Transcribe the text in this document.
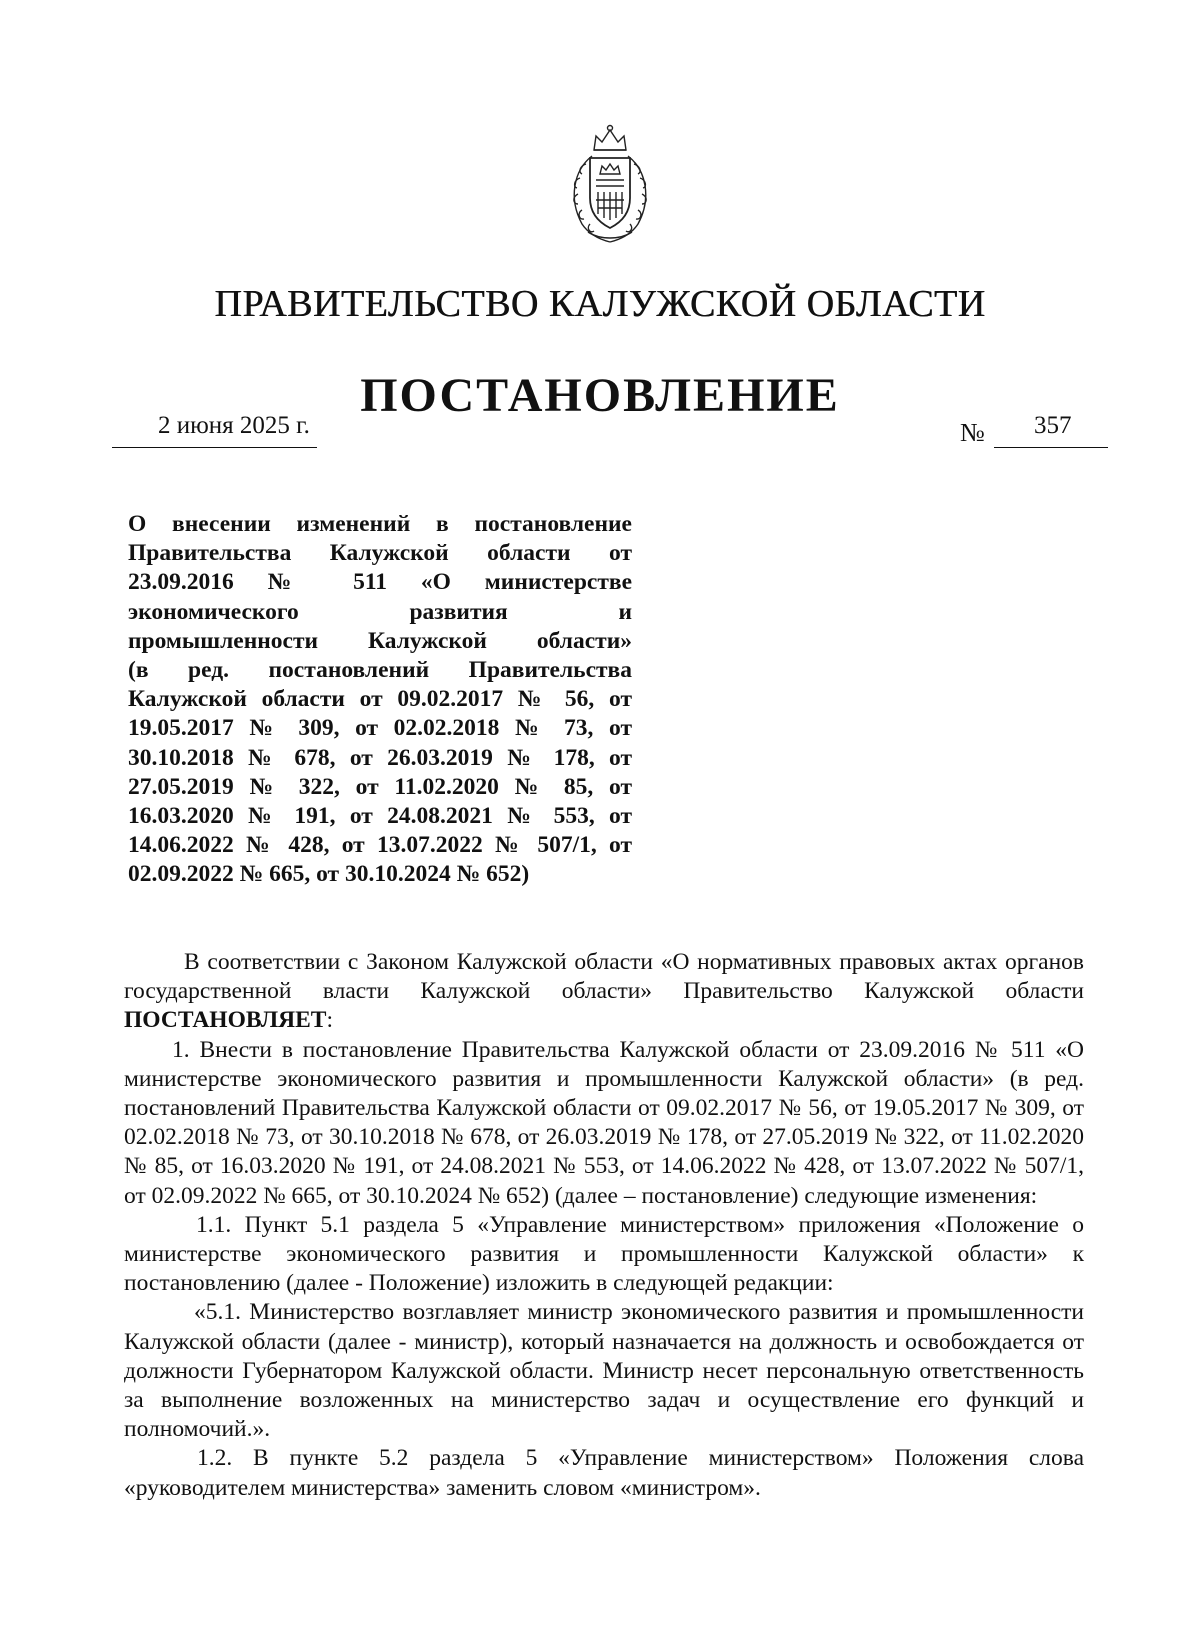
ПРАВИТЕЛЬСТВО КАЛУЖСКОЙ ОБЛАСТИ
ПОСТАНОВЛЕНИЕ
2 июня 2025 г.	№ 357
О внесении изменений в постановление
Правительства Калужской области от
23.09.2016 № 511 «О министерстве
экономического развития и
промышленности Калужской области»
(в ред. постановлений Правительства
Калужской области от 09.02.2017 № 56, от
19.05.2017 № 309, от 02.02.2018 № 73, от
30.10.2018 № 678, от 26.03.2019 № 178, от
27.05.2019 № 322, от 11.02.2020 № 85, от
16.03.2020 № 191, от 24.08.2021 № 553, от
14.06.2022 № 428, от 13.07.2022 № 507/1, от
02.09.2022 № 665, от 30.10.2024 № 652)

В соответствии с Законом Калужской области «О нормативных правовых актах органов государственной власти Калужской области» Правительство Калужской области ПОСТАНОВЛЯЕТ:

1. Внести в постановление Правительства Калужской области от 23.09.2016 № 511 «О министерстве экономического развития и промышленности Калужской области» (в ред. постановлений Правительства Калужской области от 09.02.2017 № 56, от 19.05.2017 № 309, от 02.02.2018 № 73, от 30.10.2018 № 678, от 26.03.2019 № 178, от 27.05.2019 № 322, от 11.02.2020 № 85, от 16.03.2020 № 191, от 24.08.2021 № 553, от 14.06.2022 № 428, от 13.07.2022 № 507/1, от 02.09.2022 № 665, от 30.10.2024 № 652) (далее – постановление) следующие изменения:

1.1. Пункт 5.1 раздела 5 «Управление министерством» приложения «Положение о министерстве экономического развития и промышленности Калужской области» к постановлению (далее - Положение) изложить в следующей редакции:

«5.1. Министерство возглавляет министр экономического развития и промышленности Калужской области (далее - министр), который назначается на должность и освобождается от должности Губернатором Калужской области. Министр несет персональную ответственность за выполнение возложенных на министерство задач и осуществление его функций и полномочий.».

1.2. В пункте 5.2 раздела 5 «Управление министерством» Положения слова «руководителем министерства» заменить словом «министром».
